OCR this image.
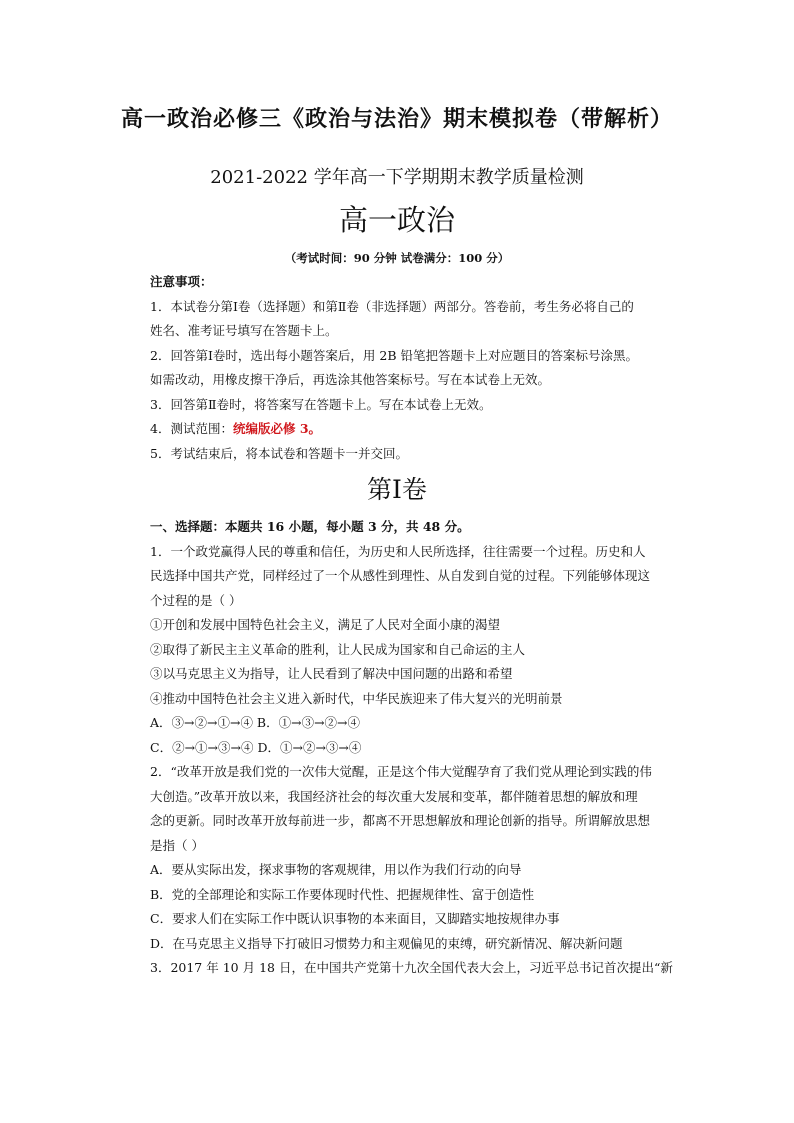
高一政治必修三《政治与法治》期末模拟卷（带解析）
2021-2022 学年高一下学期期末教学质量检测
高一政治
（考试时间：90 分钟 试卷满分：100 分）
注意事项：
1．本试卷分第Ⅰ卷（选择题）和第Ⅱ卷（非选择题）两部分。答卷前，考生务必将自己的
姓名、准考证号填写在答题卡上。
2．回答第Ⅰ卷时，选出每小题答案后，用 2B 铅笔把答题卡上对应题目的答案标号涂黑。
如需改动，用橡皮擦干净后，再选涂其他答案标号。写在本试卷上无效。
3．回答第Ⅱ卷时，将答案写在答题卡上。写在本试卷上无效。
4．测试范围：统编版必修 3。
5．考试结束后，将本试卷和答题卡一并交回。
第Ⅰ卷
一、选择题：本题共 16 小题，每小题 3 分，共 48 分。
1．一个政党赢得人民的尊重和信任，为历史和人民所选择，往往需要一个过程。历史和人
民选择中国共产党，同样经过了一个从感性到理性、从自发到自觉的过程。下列能够体现这
个过程的是（ ）
①开创和发展中国特色社会主义，满足了人民对全面小康的渴望
②取得了新民主主义革命的胜利，让人民成为国家和自己命运的主人
③以马克思主义为指导，让人民看到了解决中国问题的出路和希望
④推动中国特色社会主义进入新时代，中华民族迎来了伟大复兴的光明前景
A．③→②→①→④ B．①→③→②→④
C．②→①→③→④ D．①→②→③→④
2．“改革开放是我们党的一次伟大觉醒，正是这个伟大觉醒孕育了我们党从理论到实践的伟
大创造。”改革开放以来，我国经济社会的每次重大发展和变革，都伴随着思想的解放和理
念的更新。同时改革开放每前进一步，都离不开思想解放和理论创新的指导。所谓解放思想
是指（ ）
A．要从实际出发，探求事物的客观规律，用以作为我们行动的向导
B．党的全部理论和实际工作要体现时代性、把握规律性、富于创造性
C．要求人们在实际工作中既认识事物的本来面目，又脚踏实地按规律办事
D．在马克思主义指导下打破旧习惯势力和主观偏见的束缚，研究新情况、解决新问题
3．2017 年 10 月 18 日，在中国共产党第十九次全国代表大会上，习近平总书记首次提出“新
